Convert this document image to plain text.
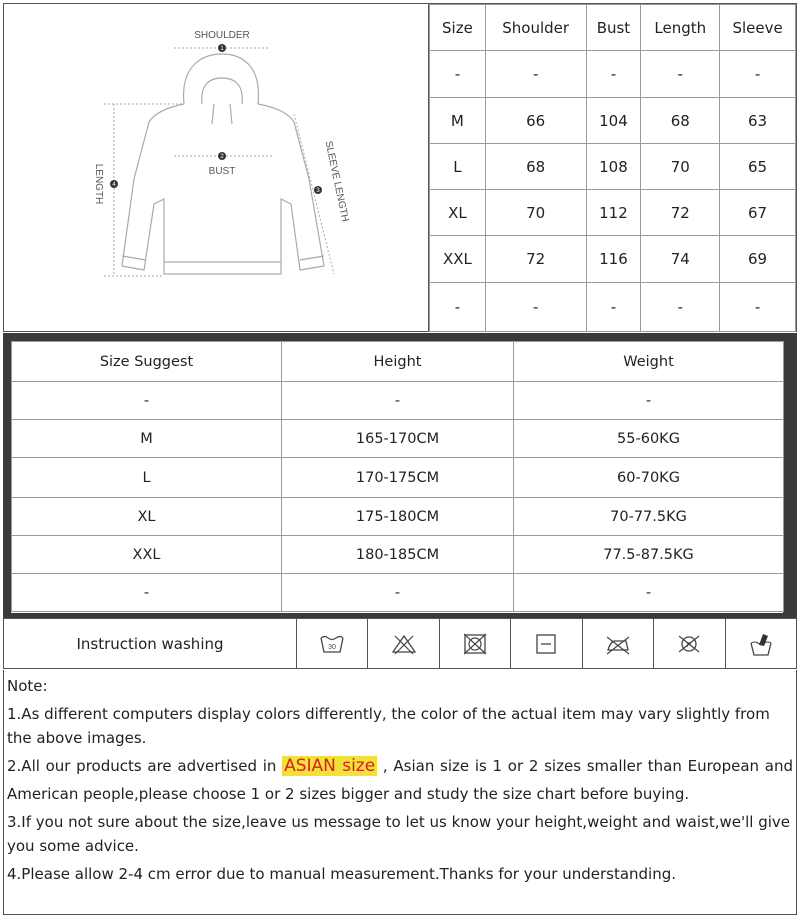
1
2
3
4
SHOULDER
BUST
LENGTH	SLEEVE LENGTH
Size	Shoulder	Bust	Length	Sleeve
-	-	-	-	-
M	66	104	68	63
L	68	108	70	65
XL	70	112	72	67
XXL	72	116	74	69
-	-	-	-	-
Size Suggest	Height	Weight
-	-	-
M	165-170CM	55-60KG
L	170-175CM	60-70KG
XL	175-180CM	70-77.5KG
XXL	180-185CM	77.5-87.5KG
-	-	-
Instruction washing	30	P

Note:

1.As different computers display colors differently, the color of the actual item may vary slightly from the above images.

2.All our products are advertised in ASIAN size , Asian size is 1 or 2 sizes smaller than European and

American people,please choose 1 or 2 sizes bigger and study the size chart before buying.

3.If you not sure about the size,leave us message to let us know your height,weight and waist,we'll give you some advice.

4.Please allow 2-4 cm error due to manual measurement.Thanks for your understanding.
